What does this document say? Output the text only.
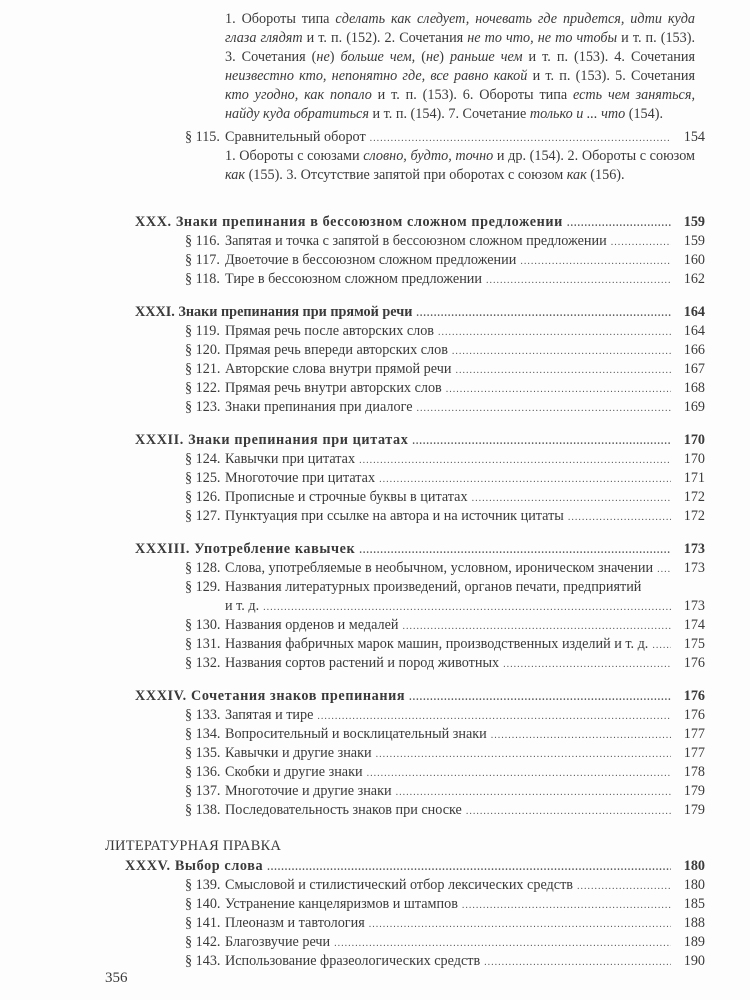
1. Обороты типа сделать как следует, ночевать где придется, идти куда глаза глядят и т. п. (152). 2. Сочетания не то что, не то чтобы и т. п. (153). 3. Сочетания (не) больше чем, (не) раньше чем и т. п. (153). 4. Сочетания неизвестно кто, непонятно где, все равно какой и т. п. (153). 5. Сочетания кто угодно, как попало и т. п. (153). 6. Обороты типа есть чем заняться, найду куда обратиться и т. п. (154). 7. Сочетание только и ... что (154).
§ 115. Сравнительный оборот .....	154
1. Обороты с союзами словно, будто, точно и др. (154). 2. Обороты с союзом как (155). 3. Отсутствие запятой при оборотах с союзом как (156).
XXX. Знаки препинания в бессоюзном сложном предложении .....	159
§ 116. Запятая и точка с запятой в бессоюзном сложном предложении .....	159
§ 117. Двоеточие в бессоюзном сложном предложении .....	160
§ 118. Тире в бессоюзном сложном предложении .....	162
XXXI. Знаки препинания при прямой речи .....	164
§ 119. Прямая речь после авторских слов .....	164
§ 120. Прямая речь впереди авторских слов .....	166
§ 121. Авторские слова внутри прямой речи .....	167
§ 122. Прямая речь внутри авторских слов .....	168
§ 123. Знаки препинания при диалоге .....	169
XXXII. Знаки препинания при цитатах .....	170
§ 124. Кавычки при цитатах .....	170
§ 125. Многоточие при цитатах .....	171
§ 126. Прописные и строчные буквы в цитатах .....	172
§ 127. Пунктуация при ссылке на автора и на источник цитаты .....	172
XXXIII. Употребление кавычек .....	173
§ 128. Слова, употребляемые в необычном, условном, ироническом значении .....	173
§ 129. Названия литературных произведений, органов печати, предприятий
и т. д. .....	173
§ 130. Названия орденов и медалей .....	174
§ 131. Названия фабричных марок машин, производственных изделий и т. д. .....	175
§ 132. Названия сортов растений и пород животных .....	176
XXXIV. Сочетания знаков препинания .....	176
§ 133. Запятая и тире .....	176
§ 134. Вопросительный и восклицательный знаки .....	177
§ 135. Кавычки и другие знаки .....	177
§ 136. Скобки и другие знаки .....	178
§ 137. Многоточие и другие знаки .....	179
§ 138. Последовательность знаков при сноске .....	179
ЛИТЕРАТУРНАЯ ПРАВКА
XXXV. Выбор слова .....	180
§ 139. Смысловой и стилистический отбор лексических средств .....	180
§ 140. Устранение канцеляризмов и штампов .....	185
§ 141. Плеоназм и тавтология .....	188
§ 142. Благозвучие речи .....	189
§ 143. Использование фразеологических средств .....	190
356
